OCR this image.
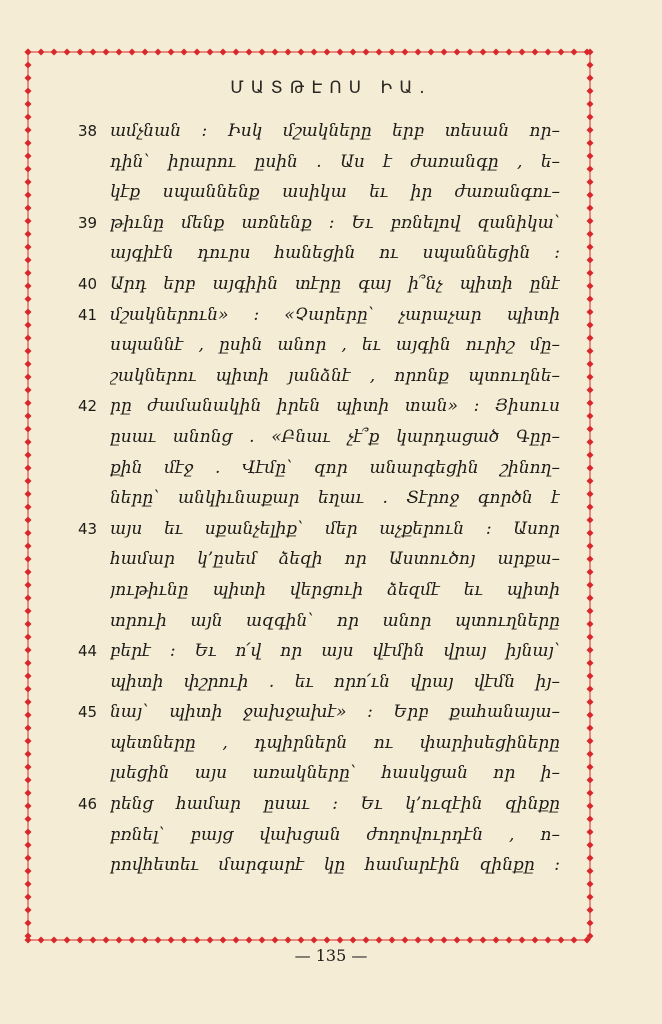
ՄԱՏԹԷՈՍ ԻԱ.
38 ամչնան : Իսկ մշակները երբ տեսան որ–
դին՝ իրարու ըսին . Աս է ժառանգը , ե–
կէք սպաննենք ասիկա եւ իր ժառանգու–
39 թիւնը մենք առնենք : Եւ բռնելով զանիկա՝
այգիէն դուրս հանեցին ու սպաննեցին :
40 Արդ երբ այգիին տէրը գայ ի՞նչ պիտի ընէ
41 մշակներուն» : «Չարերը՝ չարաչար պիտի
սպաննէ , ըսին անոր , եւ այգին ուրիշ մը–
շակներու պիտի յանձնէ , որոնք պտուղնե–
42 րը ժամանակին իրեն պիտի տան» : Յիսուս
ըսաւ անոնց . «Բնաւ չէ՞ք կարդացած Գըր–
քին մէջ . Վէմը՝ զոր անարգեցին շինող–
ները՝ անկիւնաքար եղաւ . Տէրոջ գործն է
43 այս եւ սքանչելիք՝ մեր աչքերուն : Ասոր
համար կ’ըսեմ ձեզի որ Աստուծոյ արքա–
յութիւնը պիտի վերցուի ձեզմէ եւ պիտի
տրուի այն ազգին՝ որ անոր պտուղները
44 բերէ : Եւ ո՛վ որ այս վէմին վրայ իյնայ՝
պիտի փշրուի . եւ որո՛ւն վրայ վէմն իյ–
45 նայ՝ պիտի ջախջախէ» : Երբ քահանայա–
պետները , դպիրներն ու փարիսեցիները
լսեցին այս առակները՝ հասկցան որ ի–
46 րենց համար ըսաւ : Եւ կ’ուզէին զինքը
բռնել՝ բայց վախցան ժողովուրդէն , ո–
րովհետեւ մարգարէ կը համարէին զինքը :
— 135 —
